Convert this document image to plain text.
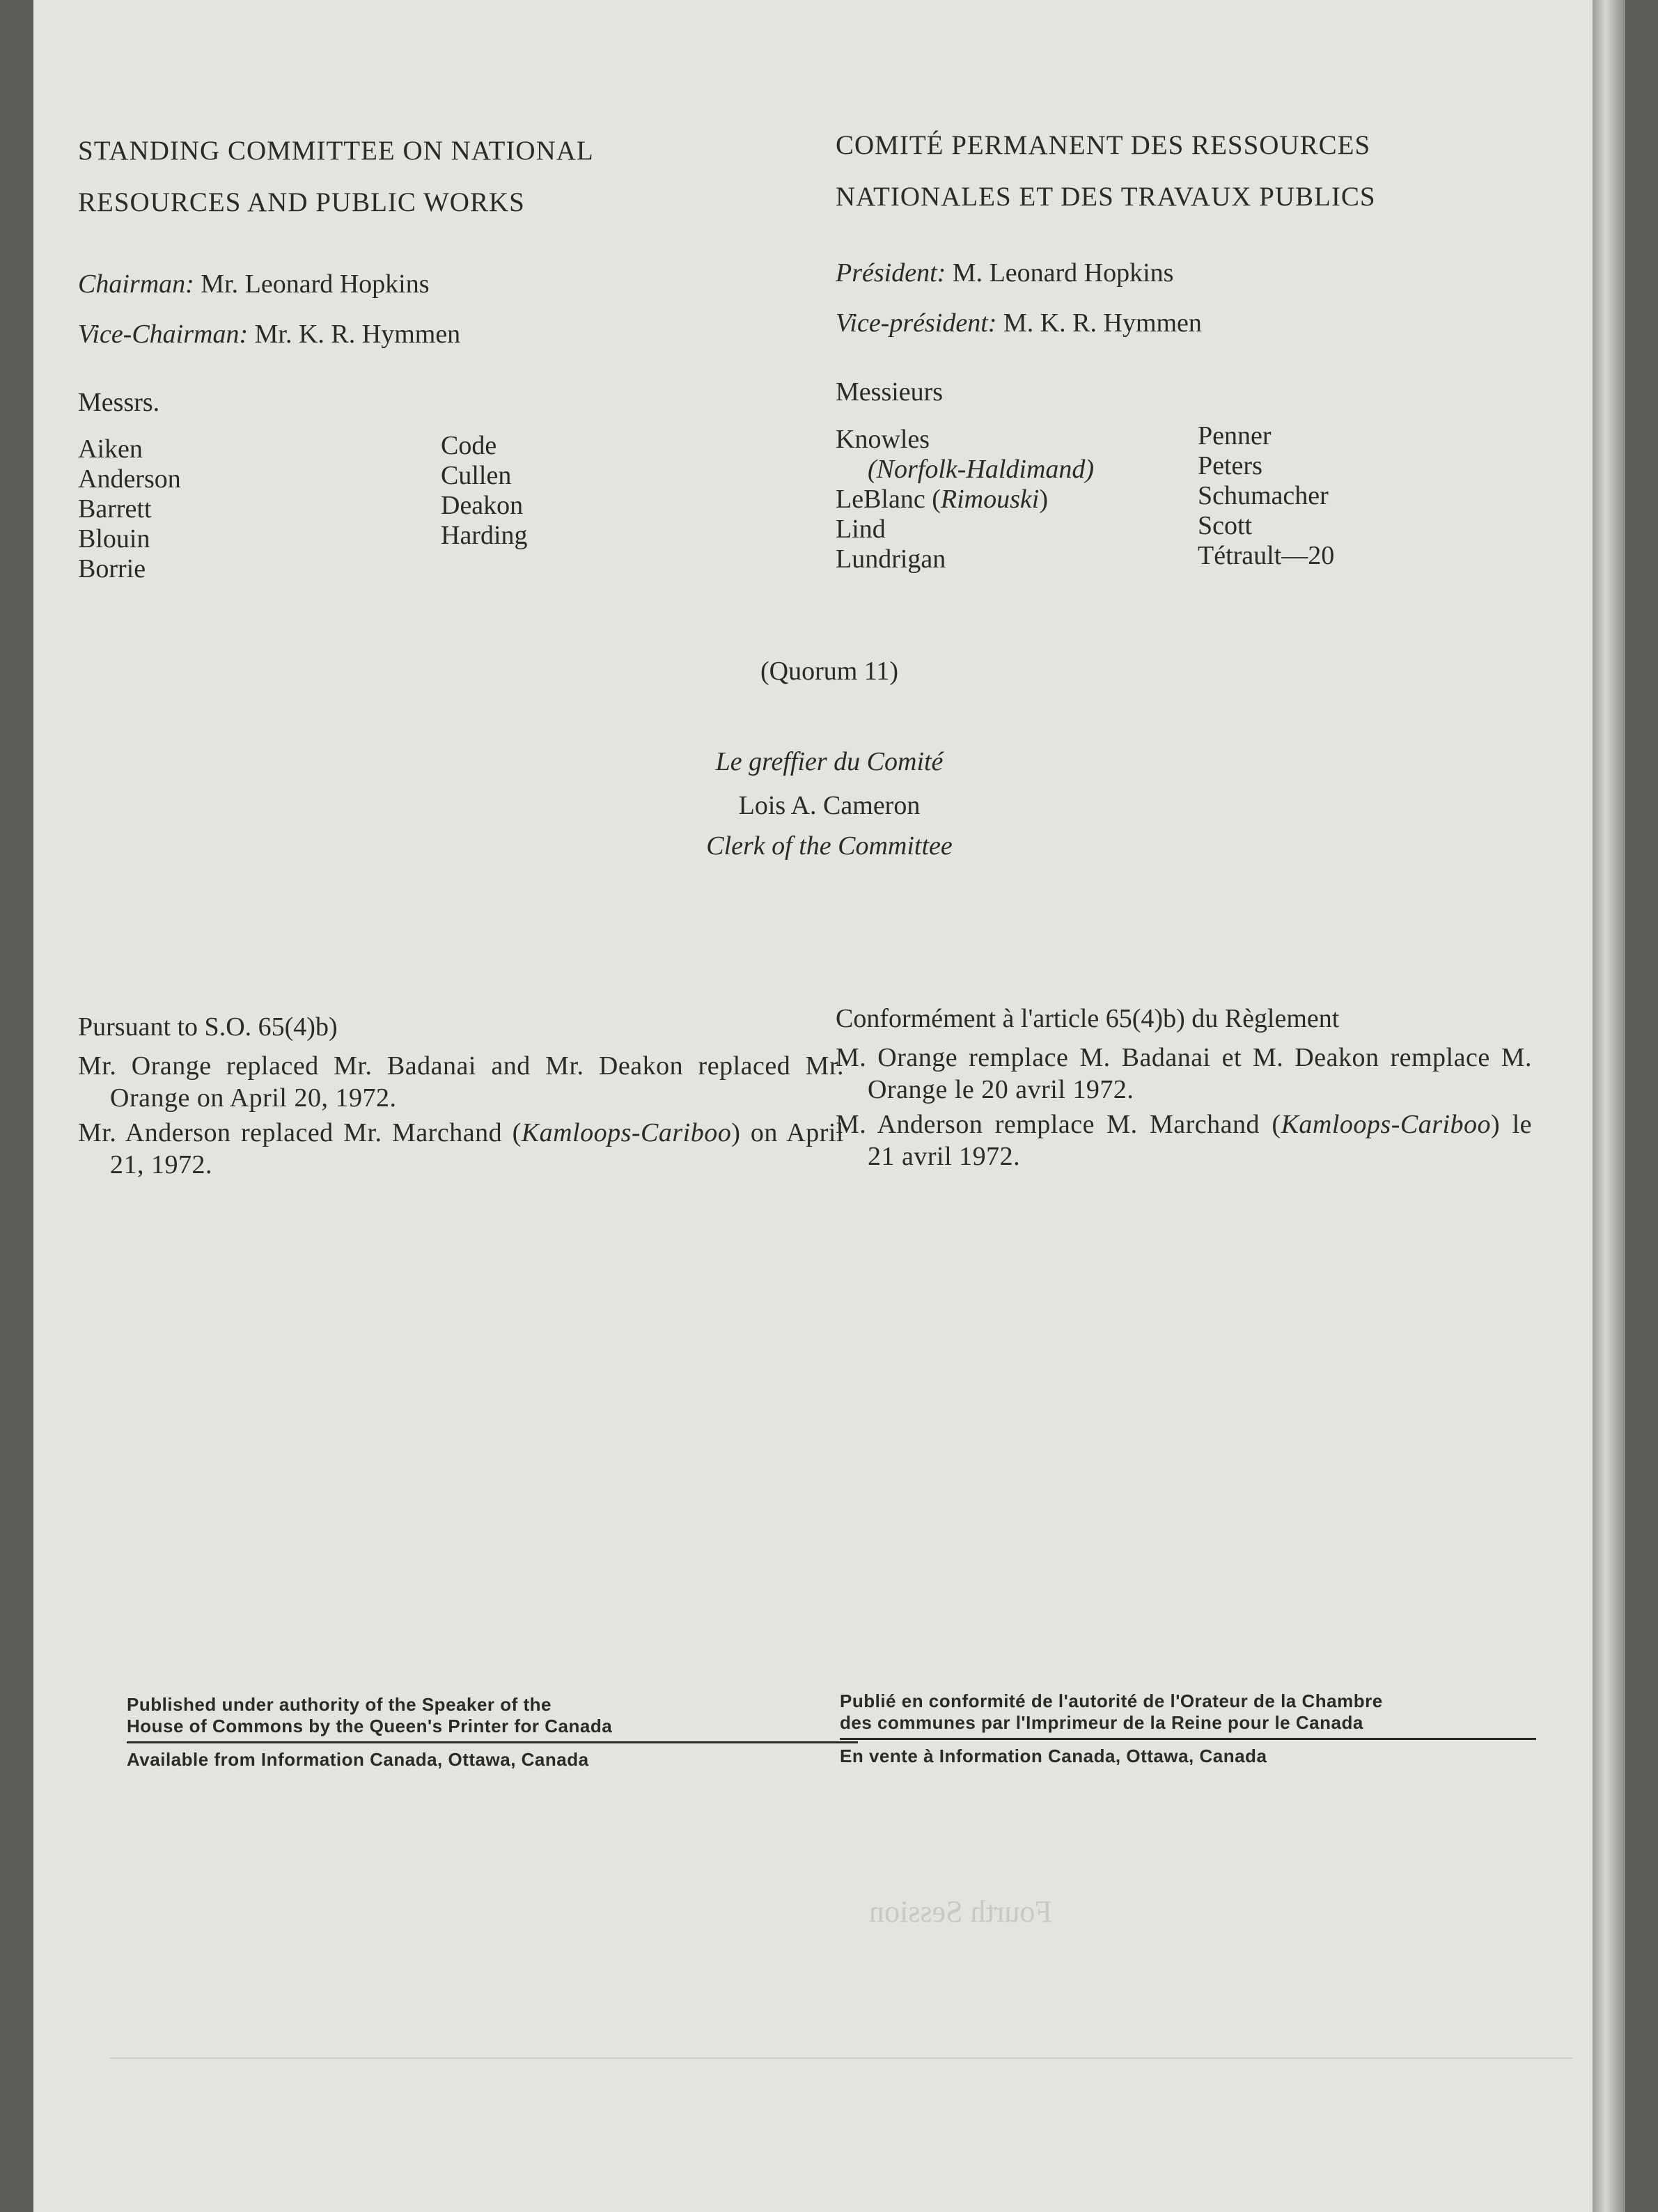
Fourth Session
STANDING COMMITTEE ON NATIONAL
RESOURCES AND PUBLIC WORKS
Chairman: Mr. Leonard Hopkins
Vice-Chairman: Mr. K. R. Hymmen
Messrs.
Aiken
Anderson
Barrett
Blouin
Borrie
Code
Cullen
Deakon
Harding
Pursuant to S.O. 65(4)b)

Mr. Orange replaced Mr. Badanai and Mr. Deakon replaced Mr. Orange on April 20, 1972.

Mr. Anderson replaced Mr. Marchand (Kamloops-Cariboo) on April 21, 1972.

Published under authority of the Speaker of the
House of Commons by the Queen's Printer for Canada
Available from Information Canada, Ottawa, Canada
COMITÉ PERMANENT DES RESSOURCES
NATIONALES ET DES TRAVAUX PUBLICS
Président: M. Leonard Hopkins
Vice-président: M. K. R. Hymmen
Messieurs
Knowles
(Norfolk-Haldimand)
LeBlanc (Rimouski)
Lind
Lundrigan
Penner
Peters
Schumacher
Scott
Tétrault—20
Conformément à l'article 65(4)b) du Règlement

M. Orange remplace M. Badanai et M. Deakon remplace M. Orange le 20 avril 1972.

M. Anderson remplace M. Marchand (Kamloops-Cariboo) le 21 avril 1972.

Publié en conformité de l'autorité de l'Orateur de la Chambre
des communes par l'Imprimeur de la Reine pour le Canada
En vente à Information Canada, Ottawa, Canada
(Quorum 11)
Le greffier du Comité
Lois A. Cameron
Clerk of the Committee
